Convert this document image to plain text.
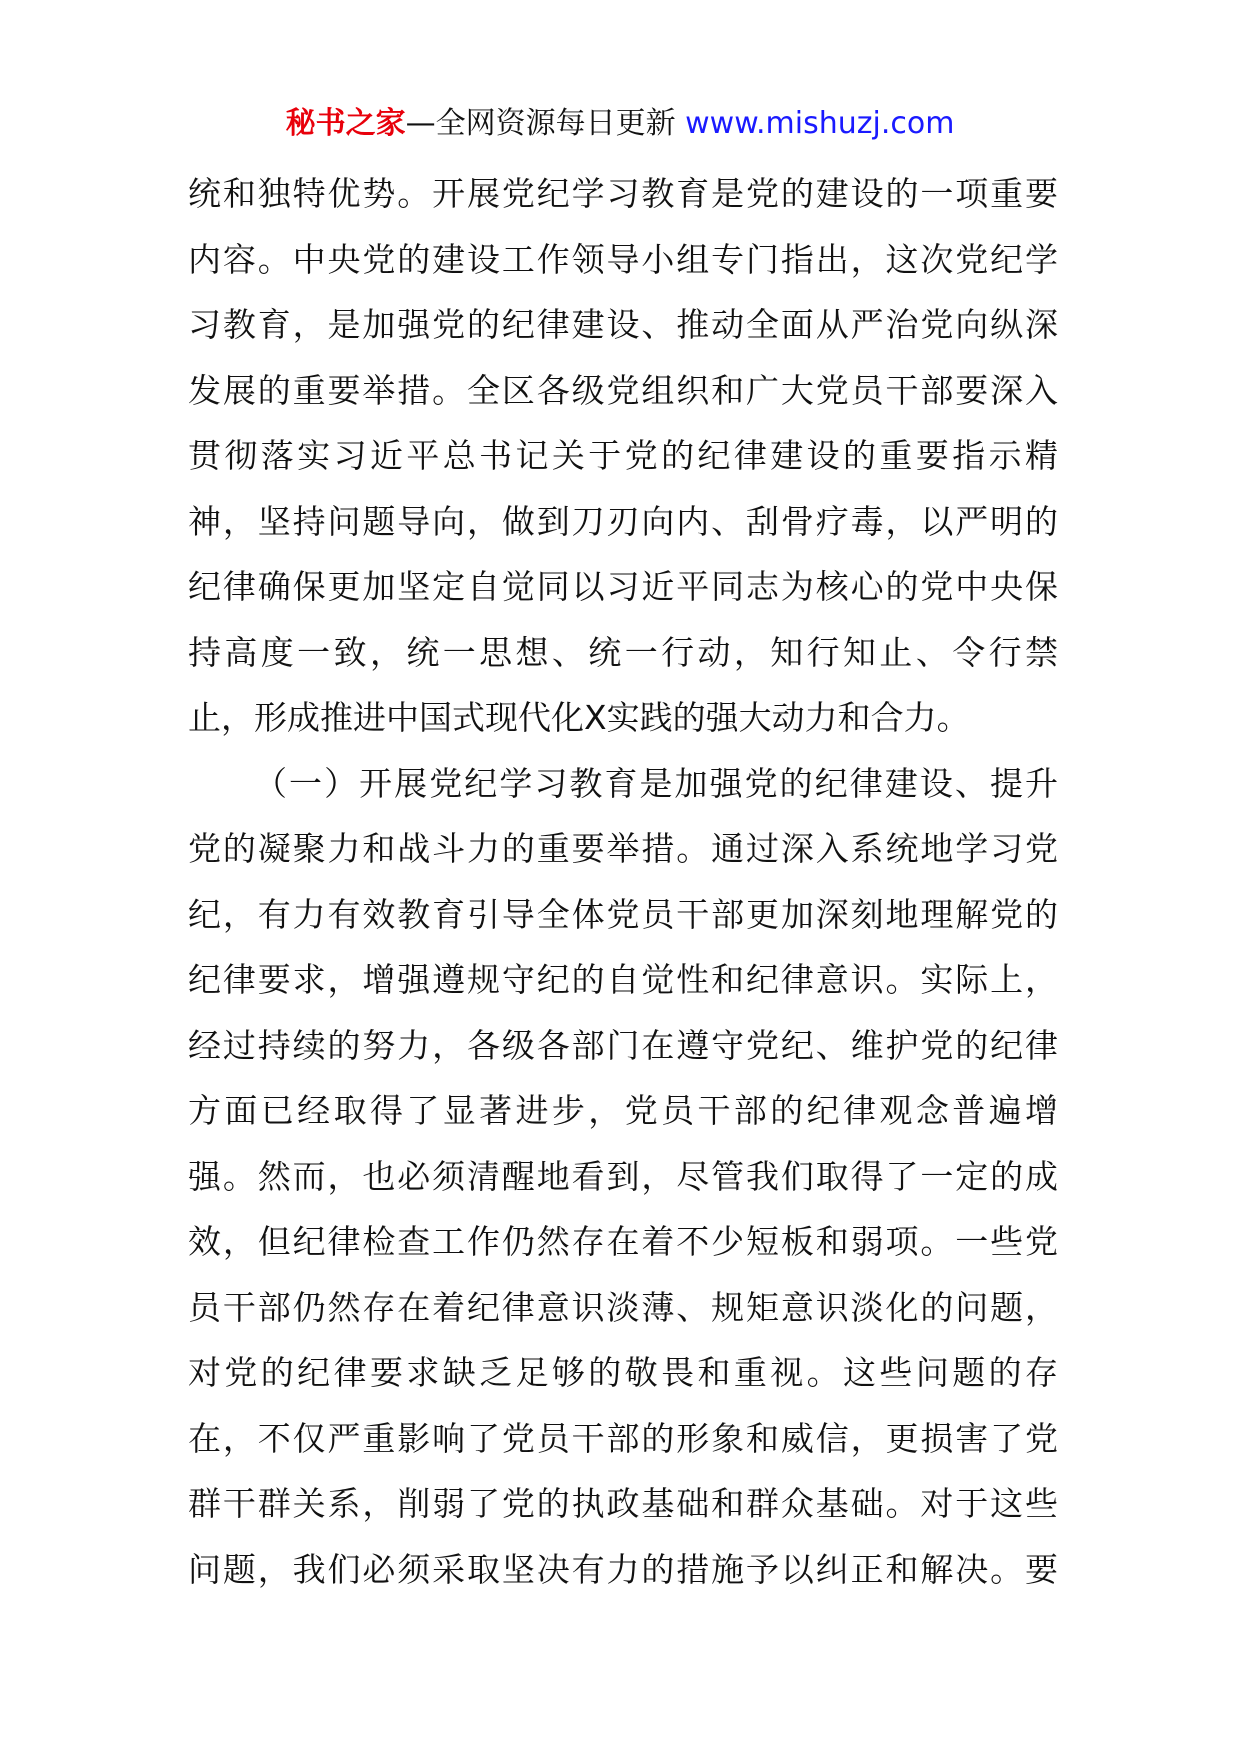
秘书之家—全网资源每日更新 www.mishuzj.com
统和独特优势。开展党纪学习教育是党的建设的一项重要
内容。中央党的建设工作领导小组专门指出，这次党纪学
习教育，是加强党的纪律建设、推动全面从严治党向纵深
发展的重要举措。全区各级党组织和广大党员干部要深入
贯彻落实习近平总书记关于党的纪律建设的重要指示精
神，坚持问题导向，做到刀刃向内、刮骨疗毒，以严明的
纪律确保更加坚定自觉同以习近平同志为核心的党中央保
持高度一致，统一思想、统一行动，知行知止、令行禁
止，形成推进中国式现代化X实践的强大动力和合力。
（一）开展党纪学习教育是加强党的纪律建设、提升
党的凝聚力和战斗力的重要举措。通过深入系统地学习党
纪，有力有效教育引导全体党员干部更加深刻地理解党的
纪律要求，增强遵规守纪的自觉性和纪律意识。实际上，
经过持续的努力，各级各部门在遵守党纪、维护党的纪律
方面已经取得了显著进步，党员干部的纪律观念普遍增
强。然而，也必须清醒地看到，尽管我们取得了一定的成
效，但纪律检查工作仍然存在着不少短板和弱项。一些党
员干部仍然存在着纪律意识淡薄、规矩意识淡化的问题，
对党的纪律要求缺乏足够的敬畏和重视。这些问题的存
在，不仅严重影响了党员干部的形象和威信，更损害了党
群干群关系，削弱了党的执政基础和群众基础。对于这些
问题，我们必须采取坚决有力的措施予以纠正和解决。要
